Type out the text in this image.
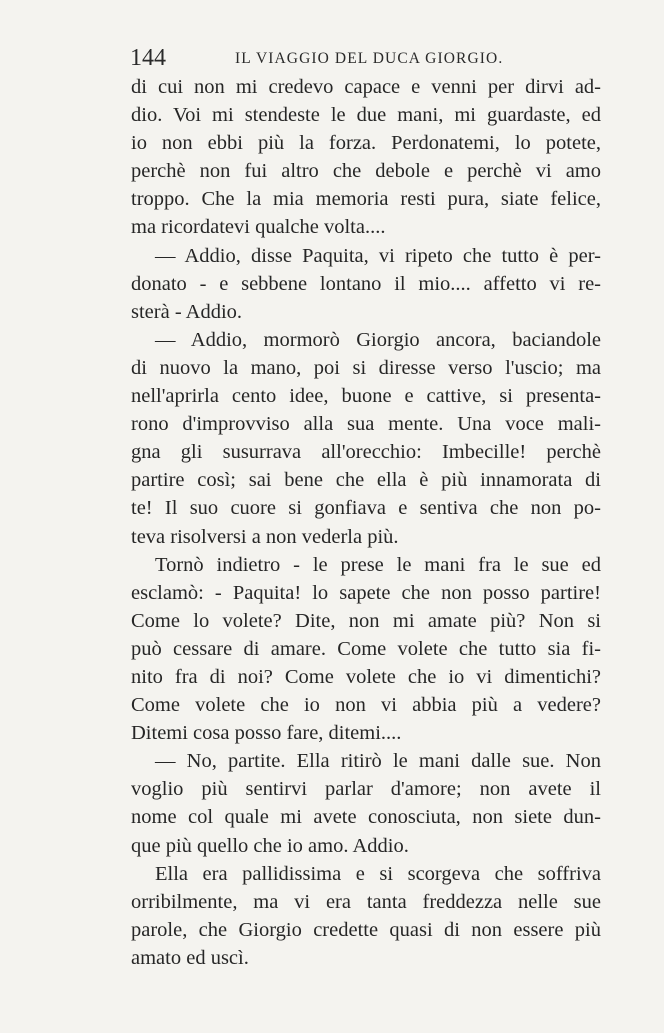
144	IL VIAGGIO DEL DUCA GIORGIO.
di cui non mi credevo capace e venni per dirvi ad-
dio. Voi mi stendeste le due mani, mi guardaste, ed
io non ebbi più la forza. Perdonatemi, lo potete,
perchè non fui altro che debole e perchè vi amo
troppo. Che la mia memoria resti pura, siate felice,
ma ricordatevi qualche volta....
— Addio, disse Paquita, vi ripeto che tutto è per-
donato - e sebbene lontano il mio.... affetto vi re-
sterà - Addio.
— Addio, mormorò Giorgio ancora, baciandole
di nuovo la mano, poi si diresse verso l'uscio; ma
nell'aprirla cento idee, buone e cattive, si presenta-
rono d'improvviso alla sua mente. Una voce mali-
gna gli susurrava all'orecchio: Imbecille! perchè
partire così; sai bene che ella è più innamorata di
te! Il suo cuore si gonfiava e sentiva che non po-
teva risolversi a non vederla più.
Tornò indietro - le prese le mani fra le sue ed
esclamò: - Paquita! lo sapete che non posso partire!
Come lo volete? Dite, non mi amate più? Non si
può cessare di amare. Come volete che tutto sia fi-
nito fra di noi? Come volete che io vi dimentichi?
Come volete che io non vi abbia più a vedere?
Ditemi cosa posso fare, ditemi....
— No, partite. Ella ritirò le mani dalle sue. Non
voglio più sentirvi parlar d'amore; non avete il
nome col quale mi avete conosciuta, non siete dun-
que più quello che io amo. Addio.
Ella era pallidissima e si scorgeva che soffriva
orribilmente, ma vi era tanta freddezza nelle sue
parole, che Giorgio credette quasi di non essere più
amato ed uscì.
